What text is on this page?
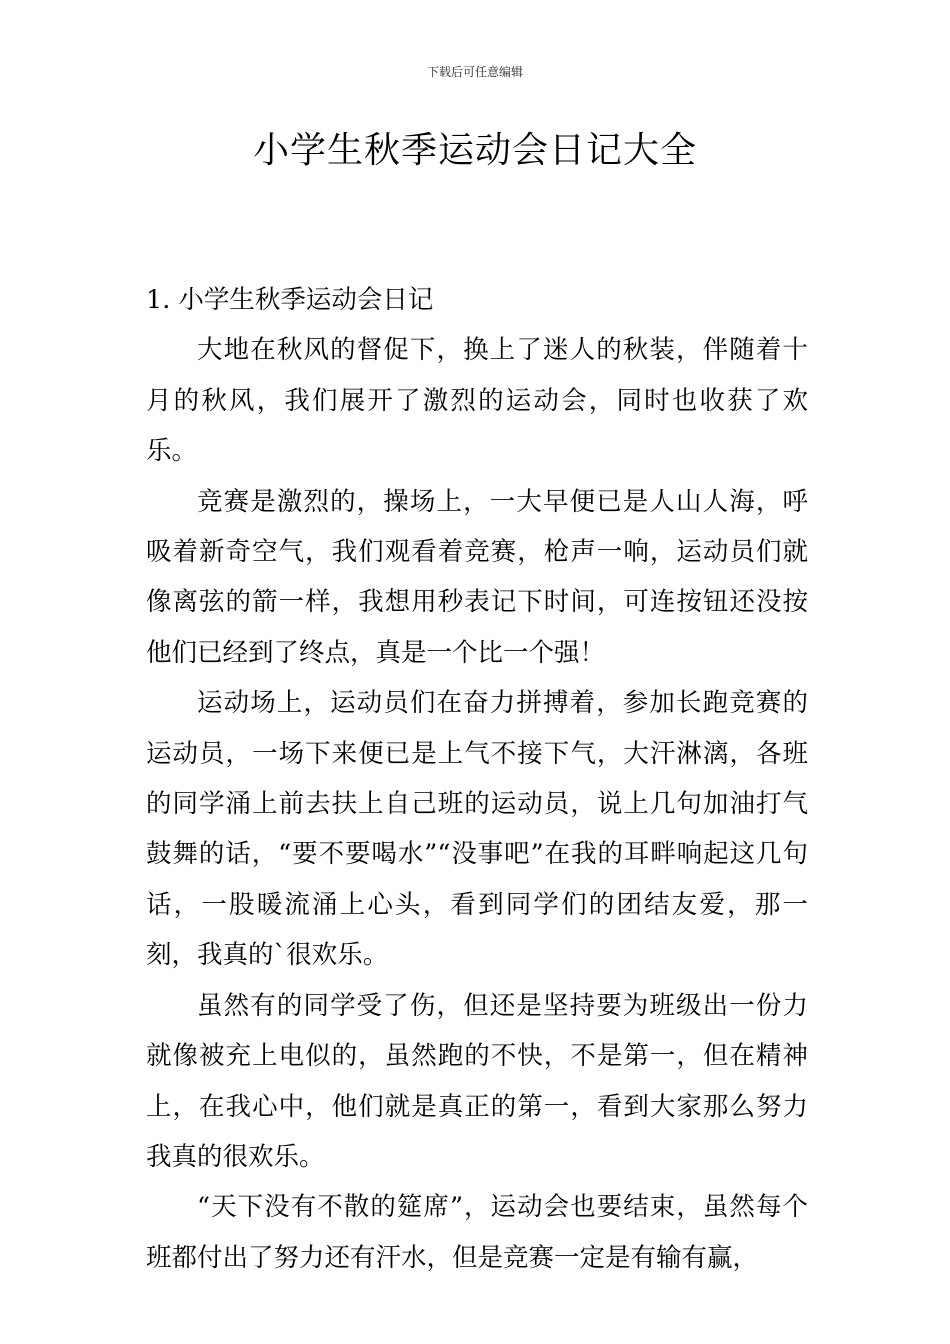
下载后可任意编辑
小学生秋季运动会日记大全
1. 小学生秋季运动会日记

大地在秋风的督促下，换上了迷人的秋装，伴随着十月的秋风，我们展开了激烈的运动会，同时也收获了欢乐。

竞赛是激烈的，操场上，一大早便已是人山人海，呼吸着新奇空气，我们观看着竞赛，枪声一响，运动员们就像离弦的箭一样，我想用秒表记下时间，可连按钮还没按他们已经到了终点，真是一个比一个强！

运动场上，运动员们在奋力拼搏着，参加长跑竞赛的运动员，一场下来便已是上气不接下气，大汗淋漓，各班的同学涌上前去扶上自己班的运动员，说上几句加油打气鼓舞的话，“要不要喝水”“没事吧”在我的耳畔响起这几句话，一股暖流涌上心头，看到同学们的团结友爱，那一刻，我真的`很欢乐。

虽然有的同学受了伤，但还是坚持要为班级出一份力就像被充上电似的，虽然跑的不快，不是第一，但在精神上，在我心中，他们就是真正的第一，看到大家那么努力我真的很欢乐。

“天下没有不散的筵席”，运动会也要结束，虽然每个班都付出了努力还有汗水，但是竞赛一定是有输有赢，
